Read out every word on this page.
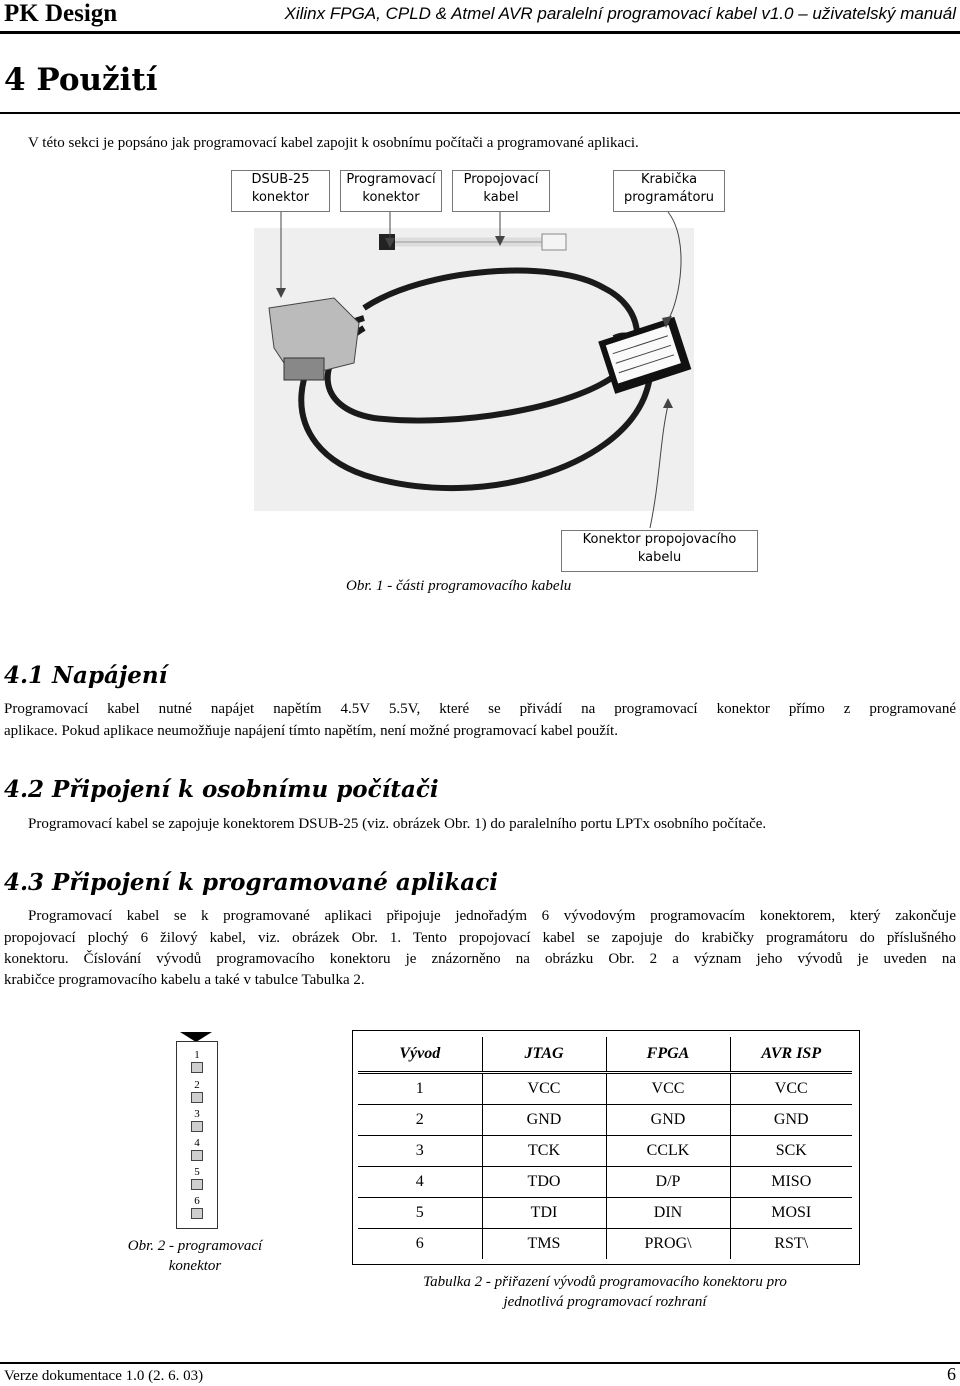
PK Design	Xilinx FPGA, CPLD & Atmel AVR paralelní programovací kabel v1.0 – uživatelský manuál
4 Použití
V této sekci je popsáno jak programovací kabel zapojit k osobnímu počítači a programované aplikaci.
DSUB-25
konektor
Programovací
konektor
Propojovací
kabel
Krabička
programátoru
Konektor propojovacího
kabelu
Obr. 1 - části programovacího kabelu
4.1 Napájení
Programovací kabel nutné napájet napětím 4.5V 5.5V, které se přivádí na programovací konektor přímo z programované
aplikace. Pokud aplikace neumožňuje napájení tímto napětím, není možné programovací kabel použít.
4.2 Připojení k osobnímu počítači
Programovací kabel se zapojuje konektorem DSUB-25 (viz. obrázek Obr. 1) do paralelního portu LPTx osobního počítače.
4.3 Připojení k programované aplikaci
Programovací kabel se k programované aplikaci připojuje jednořadým 6 vývodovým programovacím konektorem, který zakončuje
propojovací plochý 6 žilový kabel, viz. obrázek Obr. 1. Tento propojovací kabel se zapojuje do krabičky programátoru do příslušného
konektoru. Číslování vývodů programovacího konektoru je znázorněno na obrázku Obr. 2 a význam jeho vývodů je uveden na
krabičce programovacího kabelu a také v tabulce Tabulka 2.
1
2
3
4
5
6
Obr. 2 - programovací
konektor
Vývod	JTAG	FPGA	AVR ISP
1	VCC	VCC	VCC
2	GND	GND	GND
3	TCK	CCLK	SCK
4	TDO	D/P	MISO
5	TDI	DIN	MOSI
6	TMS	PROG\	RST\
Tabulka 2 - přiřazení vývodů programovacího konektoru pro
jednotlivá programovací rozhraní
Verze dokumentace 1.0 (2. 6. 03)	6
